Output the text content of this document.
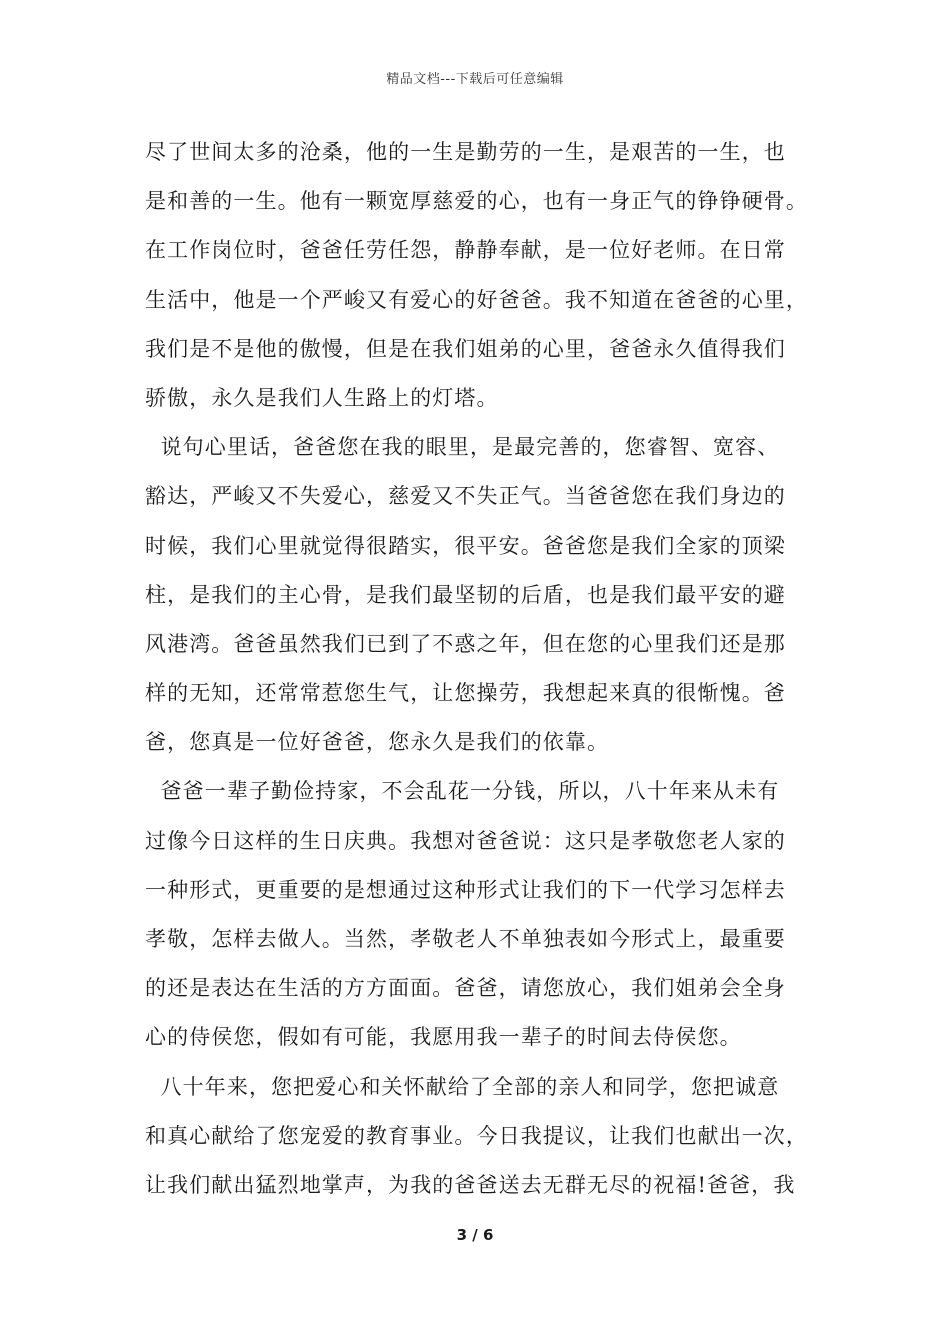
精品文档---下载后可任意编辑
尽了世间太多的沧桑，他的一生是勤劳的一生，是艰苦的一生，也
是和善的一生。他有一颗宽厚慈爱的心，也有一身正气的铮铮硬骨。
在工作岗位时，爸爸任劳任怨，静静奉献，是一位好老师。在日常
生活中，他是一个严峻又有爱心的好爸爸。我不知道在爸爸的心里，
我们是不是他的傲慢，但是在我们姐弟的心里，爸爸永久值得我们
骄傲，永久是我们人生路上的灯塔。
说句心里话，爸爸您在我的眼里，是最完善的，您睿智、宽容、
豁达，严峻又不失爱心，慈爱又不失正气。当爸爸您在我们身边的
时候，我们心里就觉得很踏实，很平安。爸爸您是我们全家的顶梁
柱，是我们的主心骨，是我们最坚韧的后盾，也是我们最平安的避
风港湾。爸爸虽然我们已到了不惑之年，但在您的心里我们还是那
样的无知，还常常惹您生气，让您操劳，我想起来真的很惭愧。爸
爸，您真是一位好爸爸，您永久是我们的依靠。
爸爸一辈子勤俭持家，不会乱花一分钱，所以，八十年来从未有
过像今日这样的生日庆典。我想对爸爸说：这只是孝敬您老人家的
一种形式，更重要的是想通过这种形式让我们的下一代学习怎样去
孝敬，怎样去做人。当然，孝敬老人不单独表如今形式上，最重要
的还是表达在生活的方方面面。爸爸，请您放心，我们姐弟会全身
心的侍侯您，假如有可能，我愿用我一辈子的时间去侍侯您。
八十年来，您把爱心和关怀献给了全部的亲人和同学，您把诚意
和真心献给了您宠爱的教育事业。今日我提议，让我们也献出一次，
让我们献出猛烈地掌声，为我的爸爸送去无群无尽的祝福!爸爸，我
3 / 6
